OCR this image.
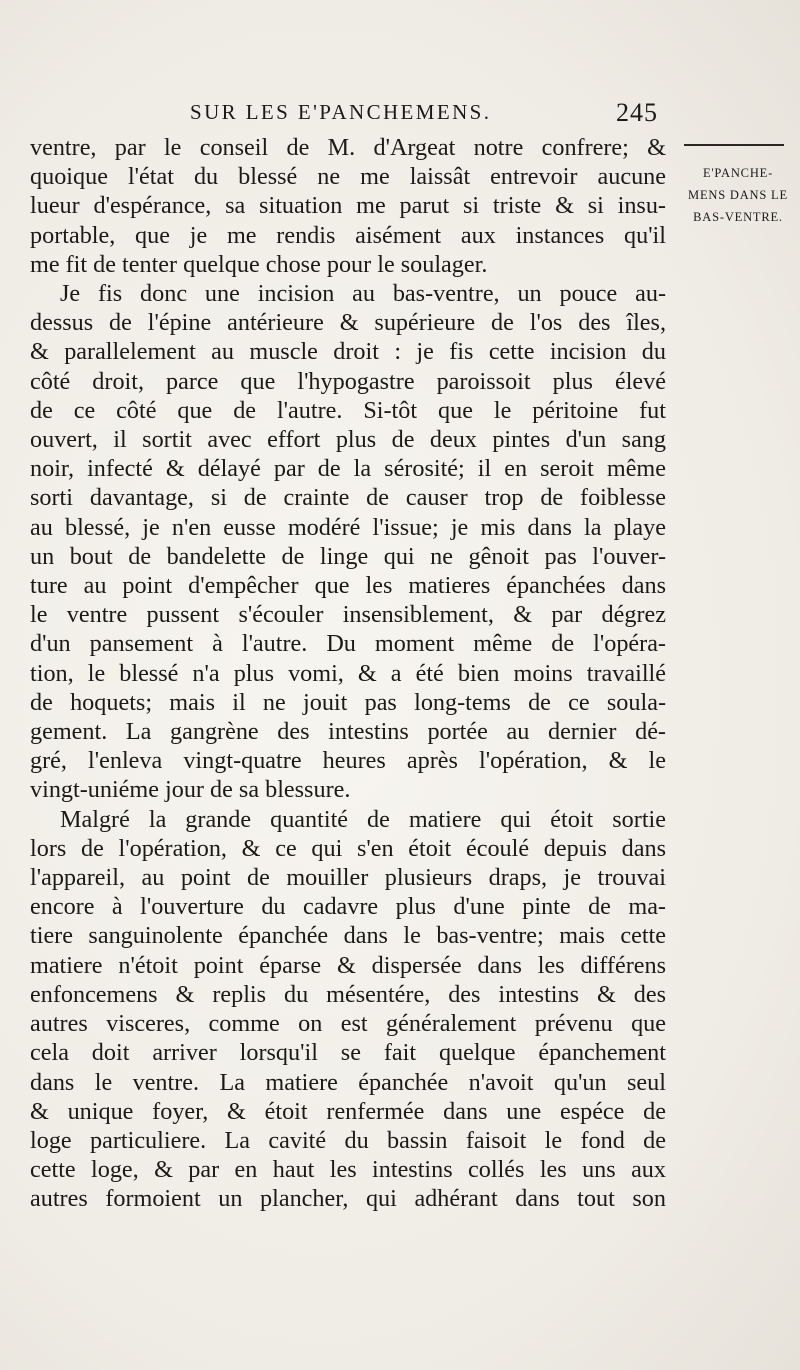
SUR LES E'PANCHEMENS.	245
E'PANCHE-
MENS DANS LE
BAS-VENTRE.

ventre, par le conseil de M. d'Argeat notre confrere; &
quoique l'état du blessé ne me laissât entrevoir aucune
lueur d'espérance, sa situation me parut si triste & si insu-
portable, que je me rendis aisément aux instances qu'il
me fit de tenter quelque chose pour le soulager.

Je fis donc une incision au bas-ventre, un pouce au-
dessus de l'épine antérieure & supérieure de l'os des îles,
& parallelement au muscle droit : je fis cette incision du
côté droit, parce que l'hypogastre paroissoit plus élevé
de ce côté que de l'autre. Si-tôt que le péritoine fut
ouvert, il sortit avec effort plus de deux pintes d'un sang
noir, infecté & délayé par de la sérosité; il en seroit même
sorti davantage, si de crainte de causer trop de foiblesse
au blessé, je n'en eusse modéré l'issue; je mis dans la playe
un bout de bandelette de linge qui ne gênoit pas l'ouver-
ture au point d'empêcher que les matieres épanchées dans
le ventre pussent s'écouler insensiblement, & par dégrez
d'un pansement à l'autre. Du moment même de l'opéra-
tion, le blessé n'a plus vomi, & a été bien moins travaillé
de hoquets; mais il ne jouit pas long-tems de ce soula-
gement. La gangrène des intestins portée au dernier dé-
gré, l'enleva vingt-quatre heures après l'opération, & le
vingt-uniéme jour de sa blessure.

Malgré la grande quantité de matiere qui étoit sortie
lors de l'opération, & ce qui s'en étoit écoulé depuis dans
l'appareil, au point de mouiller plusieurs draps, je trouvai
encore à l'ouverture du cadavre plus d'une pinte de ma-
tiere sanguinolente épanchée dans le bas-ventre; mais cette
matiere n'étoit point éparse & dispersée dans les différens
enfoncemens & replis du mésentére, des intestins & des
autres visceres, comme on est généralement prévenu que
cela doit arriver lorsqu'il se fait quelque épanchement
dans le ventre. La matiere épanchée n'avoit qu'un seul
& unique foyer, & étoit renfermée dans une espéce de
loge particuliere. La cavité du bassin faisoit le fond de
cette loge, & par en haut les intestins collés les uns aux
autres formoient un plancher, qui adhérant dans tout son
